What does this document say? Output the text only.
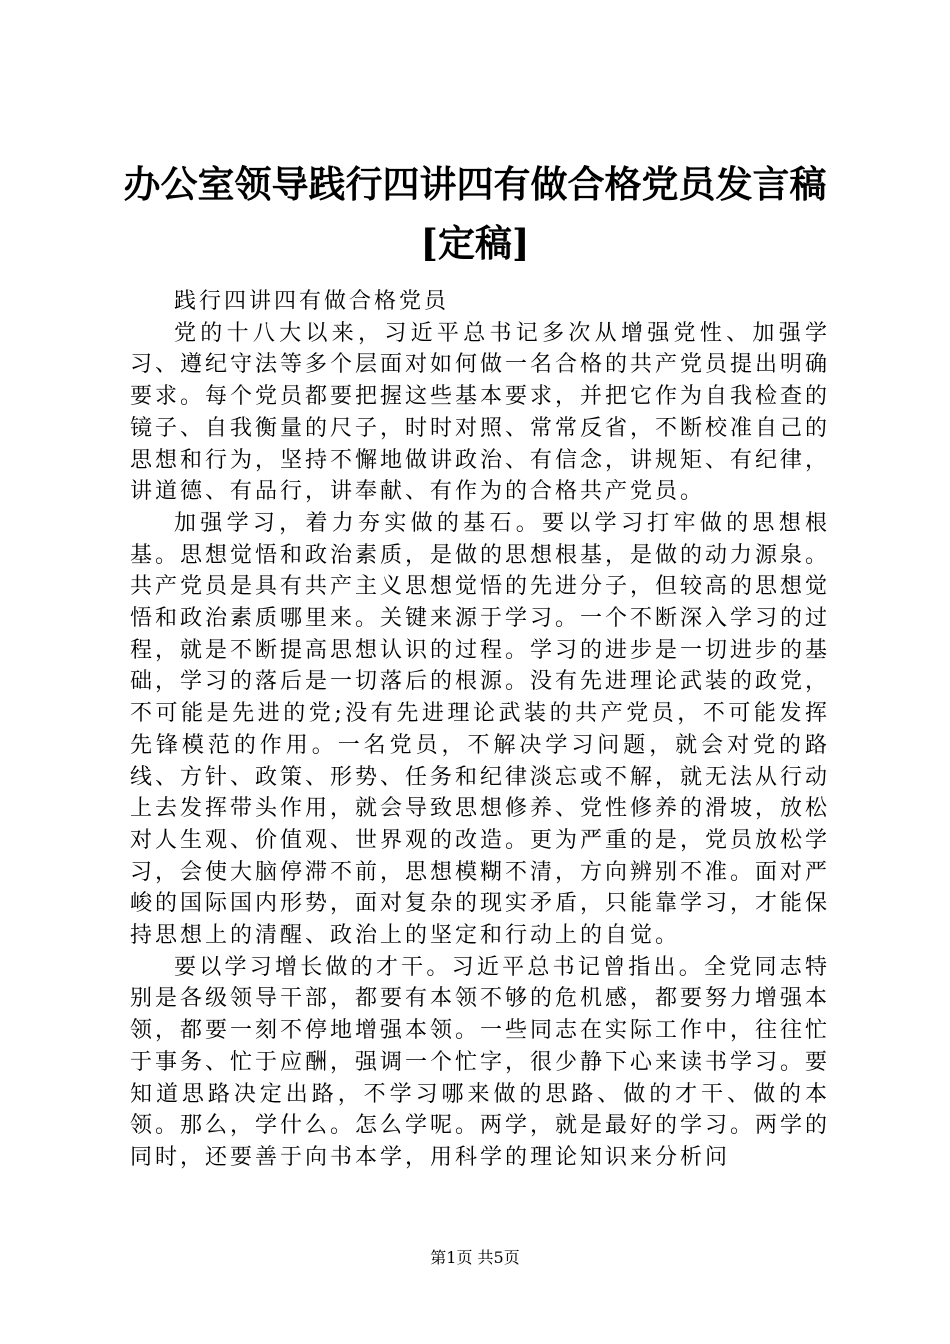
办公室领导践行四讲四有做合格党员发言稿
[定稿]

践行四讲四有做合格党员

党的十八大以来，习近平总书记多次从增强党性、加强学习、遵纪守法等多个层面对如何做一名合格的共产党员提出明确要求。每个党员都要把握这些基本要求，并把它作为自我检查的镜子、自我衡量的尺子，时时对照、常常反省，不断校准自己的思想和行为，坚持不懈地做讲政治、有信念，讲规矩、有纪律，讲道德、有品行，讲奉献、有作为的合格共产党员。

加强学习，着力夯实做的基石。要以学习打牢做的思想根基。思想觉悟和政治素质，是做的思想根基，是做的动力源泉。共产党员是具有共产主义思想觉悟的先进分子，但较高的思想觉悟和政治素质哪里来。关键来源于学习。一个不断深入学习的过程，就是不断提高思想认识的过程。学习的进步是一切进步的基础，学习的落后是一切落后的根源。没有先进理论武装的政党，不可能是先进的党;没有先进理论武装的共产党员，不可能发挥先锋模范的作用。一名党员，不解决学习问题，就会对党的路线、方针、政策、形势、任务和纪律淡忘或不解，就无法从行动上去发挥带头作用，就会导致思想修养、党性修养的滑坡，放松对人生观、价值观、世界观的改造。更为严重的是，党员放松学习，会使大脑停滞不前，思想模糊不清，方向辨别不准。面对严峻的国际国内形势，面对复杂的现实矛盾，只能靠学习，才能保持思想上的清醒、政治上的坚定和行动上的自觉。

要以学习增长做的才干。习近平总书记曾指出。全党同志特别是各级领导干部，都要有本领不够的危机感，都要努力增强本领，都要一刻不停地增强本领。一些同志在实际工作中，往往忙于事务、忙于应酬，强调一个忙字，很少静下心来读书学习。要知道思路决定出路，不学习哪来做的思路、做的才干、做的本领。那么，学什么。怎么学呢。两学，就是最好的学习。两学的同时，还要善于向书本学，用科学的理论知识来分析问

第1页 共5页
